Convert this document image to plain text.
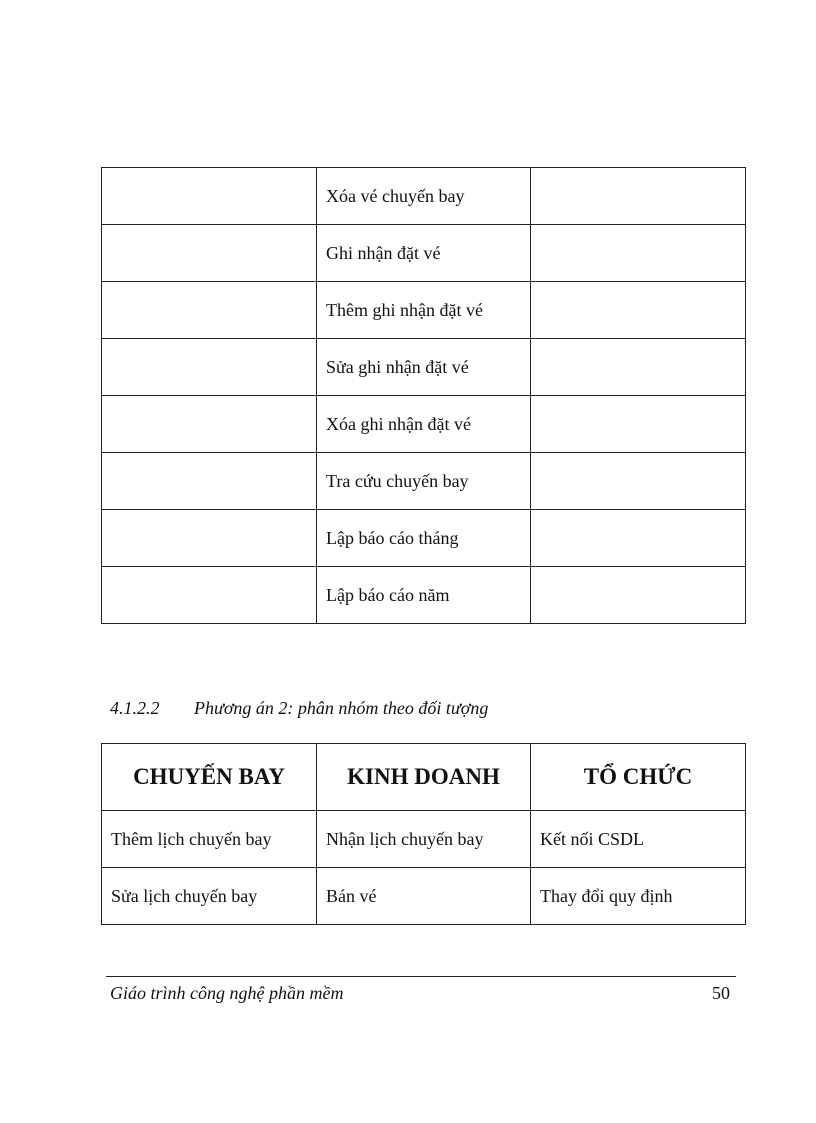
	Xóa vé chuyến bay	
	Ghi nhận đặt vé	
	Thêm ghi nhận đặt vé	
	Sửa ghi nhận đặt vé	
	Xóa ghi nhận đặt vé	
	Tra cứu chuyến bay	
	Lập báo cáo tháng	
	Lập báo cáo năm	
4.1.2.2 Phương án 2: phân nhóm theo đối tượng
CHUYẾN BAY	KINH DOANH	TỔ CHỨC
Thêm lịch chuyến bay	Nhận lịch chuyến bay	Kết nối CSDL
Sửa lịch chuyến bay	Bán vé	Thay đổi quy định
Giáo trình công nghệ phần mềm	50
